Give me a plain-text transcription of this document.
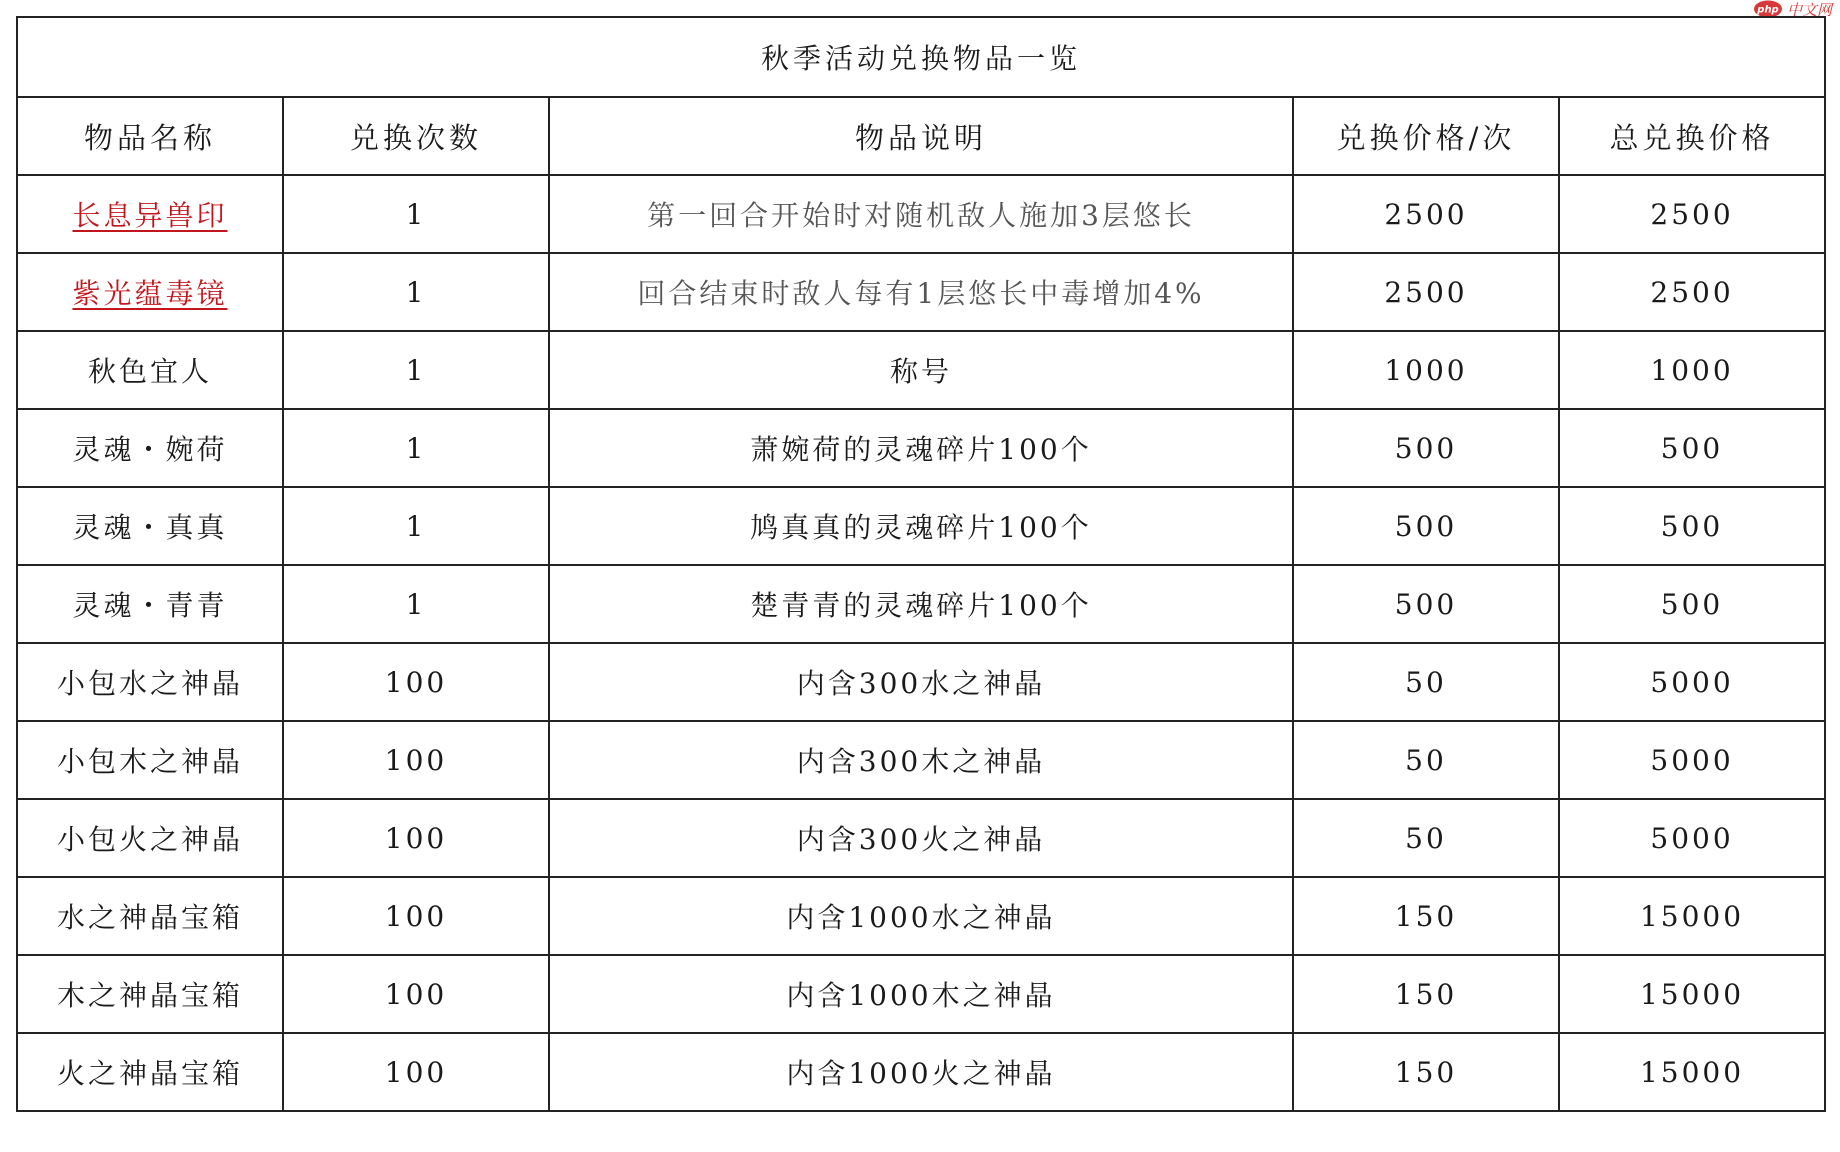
php 中文网
秋季活动兑换物品一览				
物品名称	兑换次数	物品说明	兑换价格/次	总兑换价格
长息异兽印	1	第一回合开始时对随机敌人施加3层悠长	2500	2500
紫光蕴毒镜	1	回合结束时敌人每有1层悠长中毒增加4%	2500	2500
秋色宜人	1	称号	1000	1000
灵魂・婉荷	1	萧婉荷的灵魂碎片100个	500	500
灵魂・真真	1	鸠真真的灵魂碎片100个	500	500
灵魂・青青	1	楚青青的灵魂碎片100个	500	500
小包水之神晶	100	内含300水之神晶	50	5000
小包木之神晶	100	内含300木之神晶	50	5000
小包火之神晶	100	内含300火之神晶	50	5000
水之神晶宝箱	100	内含1000水之神晶	150	15000
木之神晶宝箱	100	内含1000木之神晶	150	15000
火之神晶宝箱	100	内含1000火之神晶	150	15000
